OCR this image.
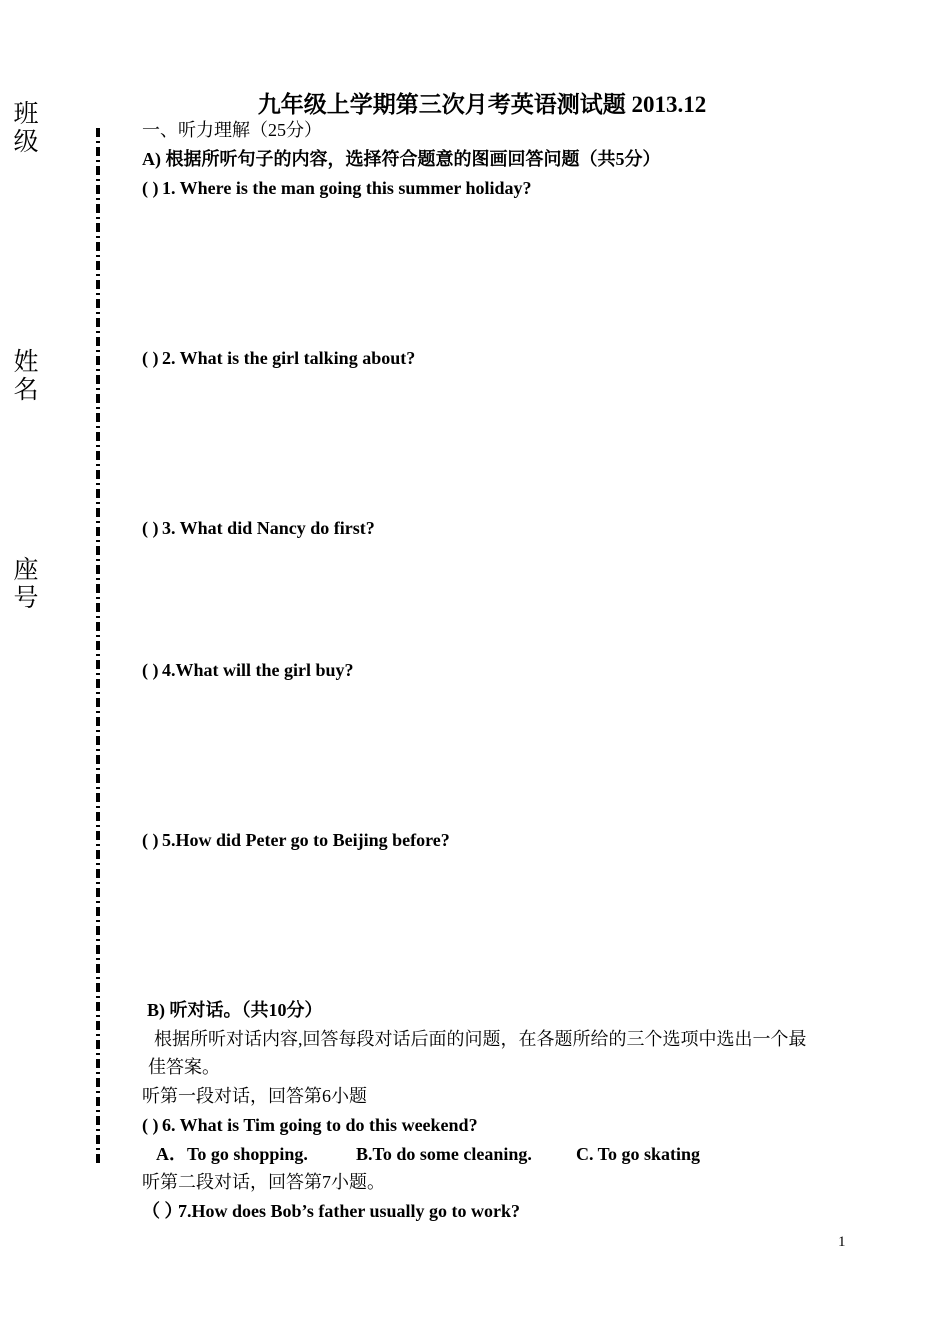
班
级
姓
名
座
号
九年级上学期第三次月考英语测试题 2013.12
一、听力理解（25分）
A) 根据所听句子的内容，选择符合题意的图画回答问题（共5分）
( ) 1. Where is the man going this summer holiday?
( ) 2. What is the girl talking about?
( ) 3. What did Nancy do first?
( ) 4.What will the girl buy?
( ) 5.How did Peter go to Beijing before?
B) 听对话。（共10分）
根据所听对话内容,回答每段对话后面的问题，在各题所给的三个选项中选出一个最
佳答案。
听第一段对话，回答第6小题
( ) 6. What is Tim going to do this weekend?
A．To go shopping.	B.To do some cleaning. C. To go skating
听第二段对话，回答第7小题。
（ ）7.How does Bob’s father usually go to work?
1
